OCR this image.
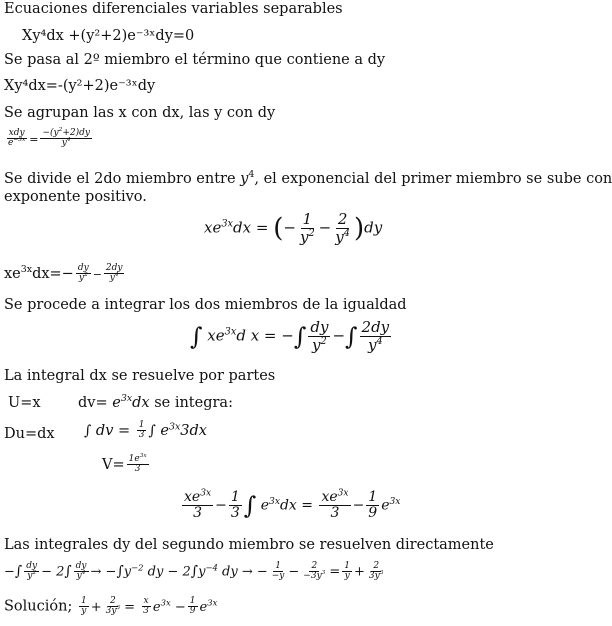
Ecuaciones diferenciales variables separables
Xy⁴dx +(y²+2)e⁻³ˣdy=0
Se pasa al 2º miembro el término que contiene a dy
Xy⁴dx=-(y²+2)e⁻³ˣdy
Se agrupan las x con dx, las y con dy
$\frac{\text{xdy}}{e^{-3x}} = \frac{-(y^2+2)dy}{y^4}$
Se divide el 2do miembro entre $y^4$, el exponencial del primer miembro se sube con
exponente positivo.
$xe^{3x}dx$ = (− $\frac{1}{y^2} - \frac{2}{y^4} )dy$
$xe^{3x}dx=- \frac{dy}{y^2} - \frac{2dy}{y^4}$
Se procede a integrar los dos miembros de la igualdad
∫ $xe^{3x}d$ x = −∫ $\frac{dy}{y^2}$ −∫ $\frac{2dy}{y^4}$
La integral dx se resuelve por partes
U=x	$dv= e^{3x}dx$ se integra:
Du=dx ∫ dv = $\frac{1}{3}$ ∫ $e^{3x}3dx$
$V= \frac{1e^{3x}}{3}$
$\frac{xe^{3x}}{3} - \frac{1}{3}$ ∫ $e^{3x}dx = \frac{xe^{3x}}{3} - \frac{1}{9} e^{3x}$
Las integrales dy del segundo miembro se resuelven directamente
−∫ $\frac{dy}{y^2} - 2\int \frac{dy}{y^4} \to -\int y^{-2}$ dy − $2\int y^{-4}$ dy → − $\frac{1}{-y} - \frac{2}{-3y^3} = \frac{1}{y} + \frac{2}{3y^3}$
Solución; $\frac{1}{y} + \frac{2}{3y^3} = \frac{x}{3} e^{3x} - \frac{1}{9} e^{3x}$
